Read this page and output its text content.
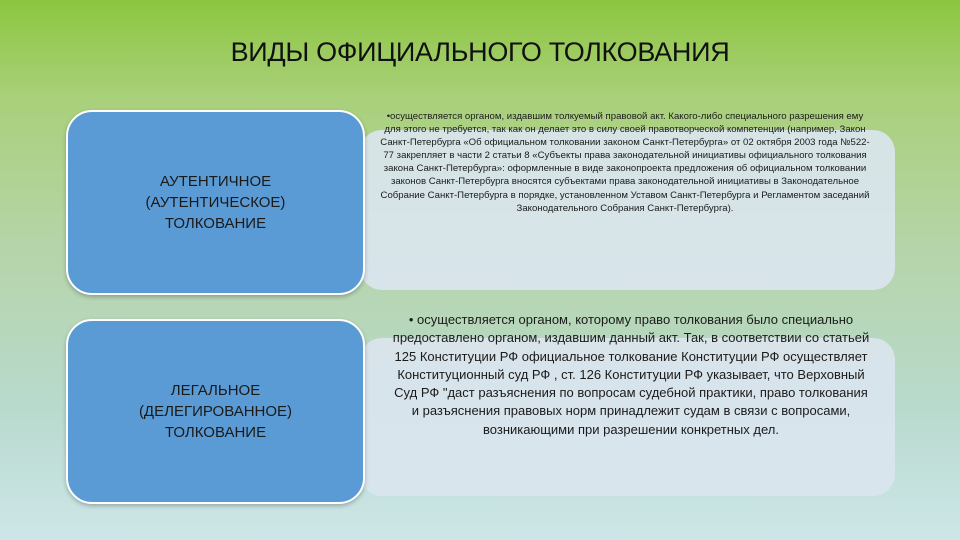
ВИДЫ ОФИЦИАЛЬНОГО ТОЛКОВАНИЯ
•осуществляется органом, издавшим толкуемый правовой акт. Какого-либо специального разрешения ему для этого не требуется, так как он делает это в силу своей правотворческой компетенции (например, Закон Санкт-Петербурга «Об официальном толковании законом Санкт-Петербурга» от 02 октября 2003 года №522-77 закрепляет в части 2 статьи 8 «Субъекты права законодательной инициативы официального толкования закона Санкт-Петербурга»: оформленные в виде законопроекта предложения об официальном толковании законов Санкт-Петербурга вносятся субъектами права законодательной инициативы в Законодательное Собрание Санкт-Петербурга в порядке, установленном Уставом Санкт-Петербурга и Регламентом заседаний Законодательного Собрания Санкт-Петербурга).
АУТЕНТИЧНОЕ
(АУТЕНТИЧЕСКОЕ)
ТОЛКОВАНИЕ
• осуществляется органом, которому право толкования было специально предоставлено органом, издавшим данный акт. Так, в соответствии со статьей 125 Конституции РФ официальное толкование Конституции РФ осуществляет Конституционный суд РФ , ст. 126 Конституции РФ указывает, что Верховный Суд РФ "даст разъяснения по вопросам судебной практики, право толкования и разъяснения правовых норм принадлежит судам в связи с вопросами, возникающими при разрешении конкретных дел.
ЛЕГАЛЬНОЕ
(ДЕЛЕГИРОВАННОЕ)
ТОЛКОВАНИЕ
